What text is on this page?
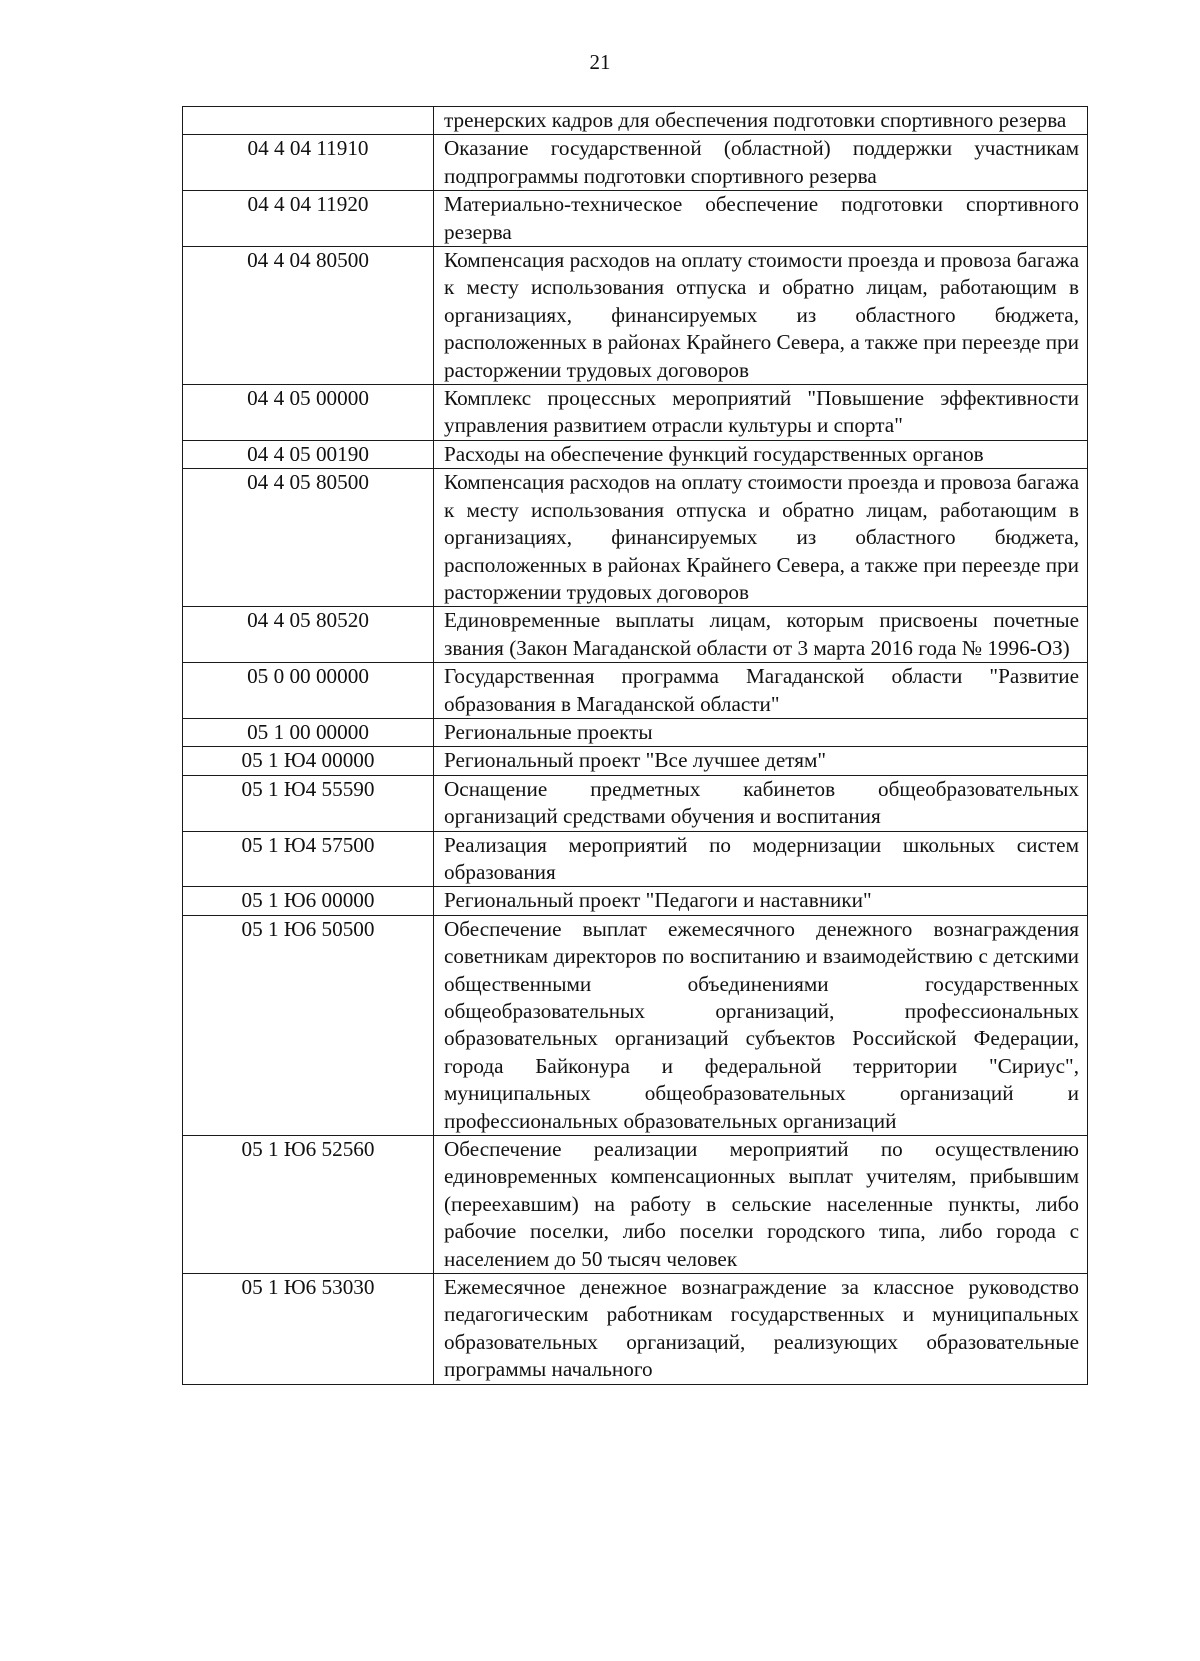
21
	тренерских кадров для обеспечения подготовки спортивного резерва
04 4 04 11910	Оказание государственной (областной) поддержки участникам подпрограммы подготовки спортивного резерва
04 4 04 11920	Материально-техническое обеспечение подготовки спортивного резерва
04 4 04 80500	Компенсация расходов на оплату стоимости проезда и провоза багажа к месту использования отпуска и обратно лицам, работающим в организациях, финансируемых из областного бюджета, расположенных в районах Крайнего Севера, а также при переезде при расторжении трудовых договоров
04 4 05 00000	Комплекс процессных мероприятий "Повышение эффективности управления развитием отрасли культуры и спорта"
04 4 05 00190	Расходы на обеспечение функций государственных органов
04 4 05 80500	Компенсация расходов на оплату стоимости проезда и провоза багажа к месту использования отпуска и обратно лицам, работающим в организациях, финансируемых из областного бюджета, расположенных в районах Крайнего Севера, а также при переезде при расторжении трудовых договоров
04 4 05 80520	Единовременные выплаты лицам, которым присвоены почетные звания (Закон Магаданской области от 3 марта 2016 года № 1996-ОЗ)
05 0 00 00000	Государственная программа Магаданской области "Развитие образования в Магаданской области"
05 1 00 00000	Региональные проекты
05 1 Ю4 00000	Региональный проект "Все лучшее детям"
05 1 Ю4 55590	Оснащение предметных кабинетов общеобразовательных организаций средствами обучения и воспитания
05 1 Ю4 57500	Реализация мероприятий по модернизации школьных систем образования
05 1 Ю6 00000	Региональный проект "Педагоги и наставники"
05 1 Ю6 50500	Обеспечение выплат ежемесячного денежного вознаграждения советникам директоров по воспитанию и взаимодействию с детскими общественными объединениями государственных общеобразовательных организаций, профессиональных образовательных организаций субъектов Российской Федерации, города Байконура и федеральной территории "Сириус", муниципальных общеобразовательных организаций и профессиональных образовательных организаций
05 1 Ю6 52560	Обеспечение реализации мероприятий по осуществлению единовременных компенсационных выплат учителям, прибывшим (переехавшим) на работу в сельские населенные пункты, либо рабочие поселки, либо поселки городского типа, либо города с населением до 50 тысяч человек
05 1 Ю6 53030	Ежемесячное денежное вознаграждение за классное руководство педагогическим работникам государственных и муниципальных образовательных организаций, реализующих образовательные программы начального
